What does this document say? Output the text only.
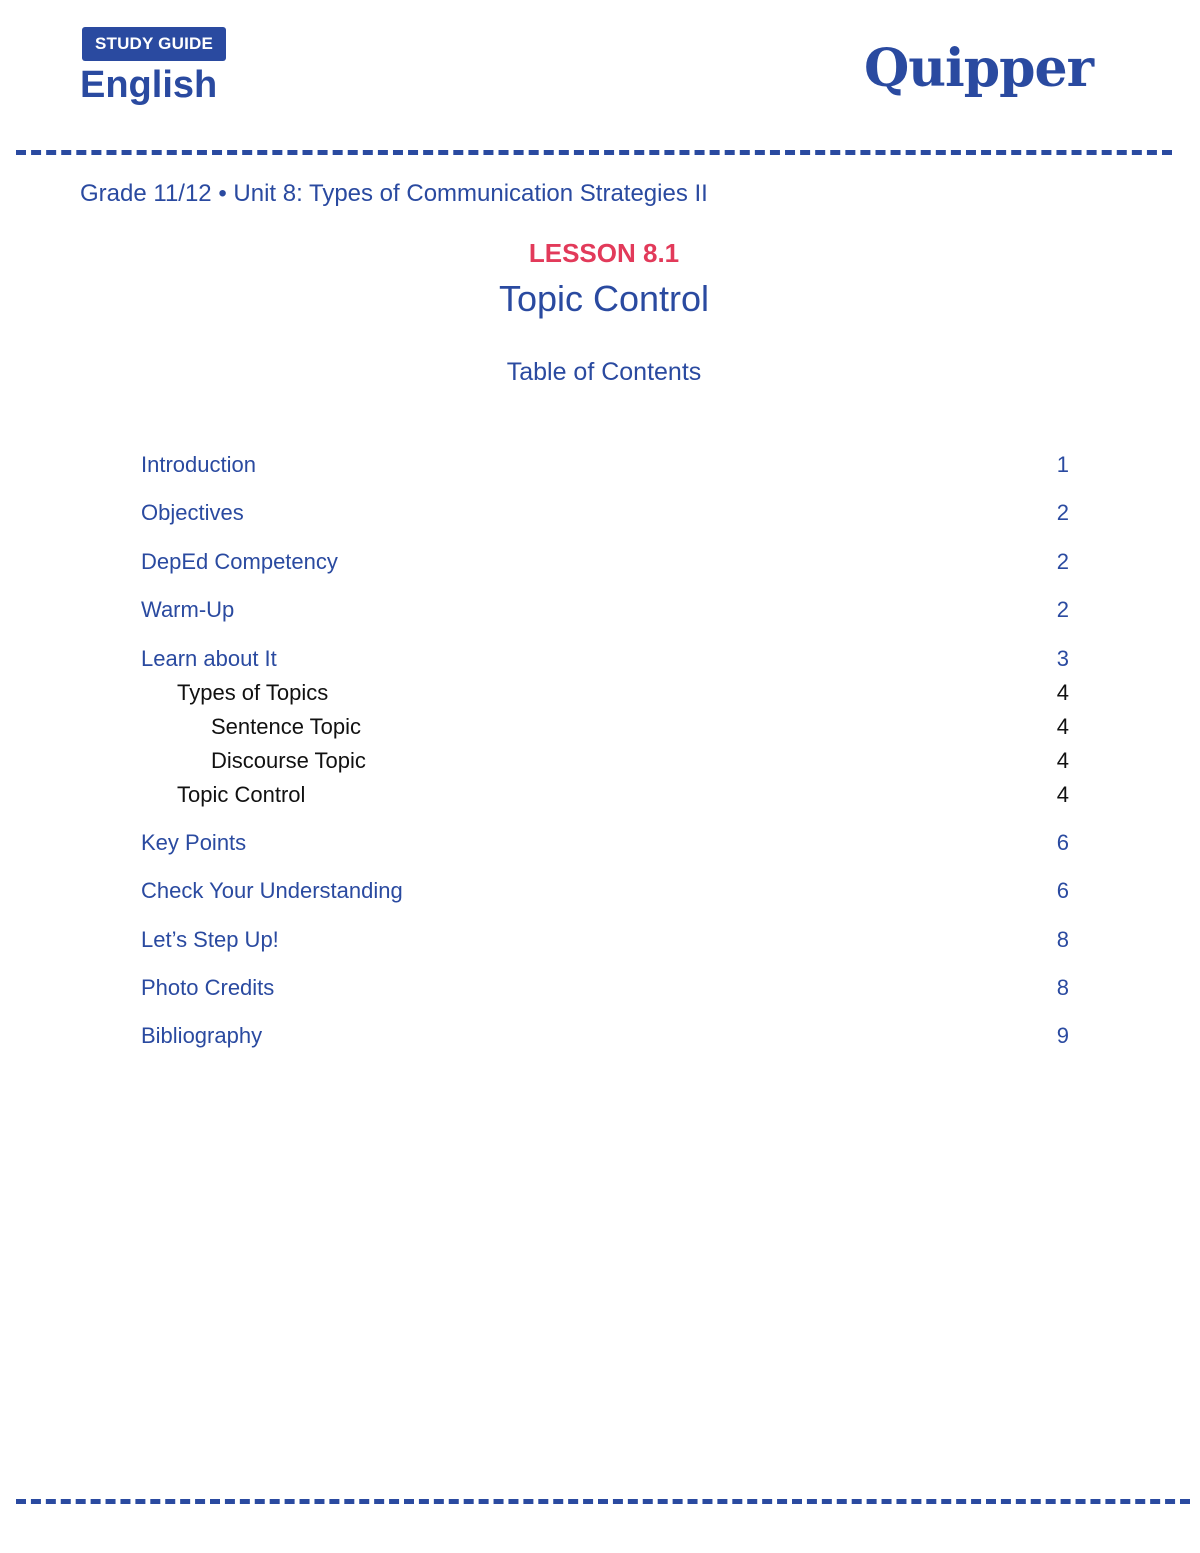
STUDY GUIDE
English	Quipper
Grade 11/12 • Unit 8: Types of Communication Strategies II
LESSON 8.1
Topic Control
Table of Contents
Introduction	1
Objectives	2
DepEd Competency	2
Warm-Up	2
Learn about It	3
Types of Topics	4
Sentence Topic	4
Discourse Topic	4
Topic Control	4
Key Points	6
Check Your Understanding	6
Let’s Step Up!	8
Photo Credits	8
Bibliography	9
